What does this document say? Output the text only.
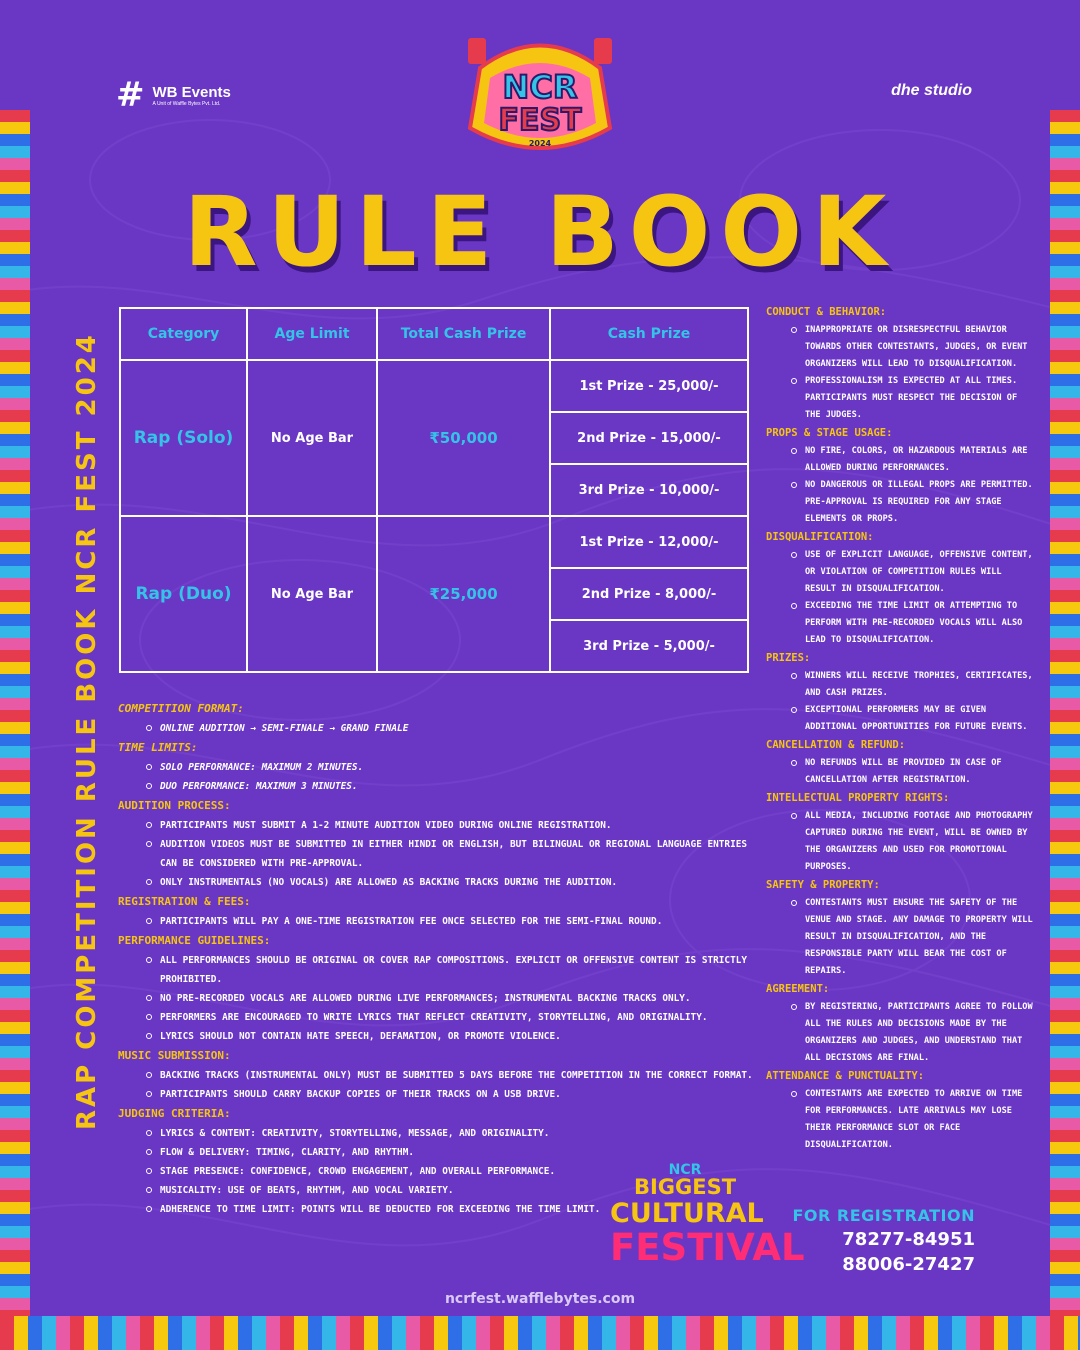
# WB Events
A Unit of Waffle Bytes Pvt. Ltd.
dhe studio
NCR
FEST
2024
RULE BOOK
RAP COMPETITION RULE BOOK NCR FEST 2024	Category	Age Limit	Total Cash Prize	Cash Prize
Rap (Solo)	No Age Bar	₹50,000	1st Prize - 25,000/-
			2nd Prize - 15,000/-
			3rd Prize - 10,000/-
Rap (Duo)	No Age Bar	₹25,000	1st Prize - 12,000/-
			2nd Prize - 8,000/-
			3rd Prize - 5,000/-
COMPETITION FORMAT:
ONLINE AUDITION → SEMI-FINALE → GRAND FINALE
TIME LIMITS:
SOLO PERFORMANCE: MAXIMUM 2 MINUTES.
DUO PERFORMANCE: MAXIMUM 3 MINUTES.
AUDITION PROCESS:
PARTICIPANTS MUST SUBMIT A 1-2 MINUTE AUDITION VIDEO DURING ONLINE REGISTRATION.
AUDITION VIDEOS MUST BE SUBMITTED IN EITHER HINDI OR ENGLISH, BUT BILINGUAL OR REGIONAL LANGUAGE ENTRIES CAN BE CONSIDERED WITH PRE-APPROVAL.
ONLY INSTRUMENTALS (NO VOCALS) ARE ALLOWED AS BACKING TRACKS DURING THE AUDITION.
REGISTRATION & FEES:
PARTICIPANTS WILL PAY A ONE-TIME REGISTRATION FEE ONCE SELECTED FOR THE SEMI-FINAL ROUND.
PERFORMANCE GUIDELINES:
ALL PERFORMANCES SHOULD BE ORIGINAL OR COVER RAP COMPOSITIONS. EXPLICIT OR OFFENSIVE CONTENT IS STRICTLY PROHIBITED.
NO PRE-RECORDED VOCALS ARE ALLOWED DURING LIVE PERFORMANCES; INSTRUMENTAL BACKING TRACKS ONLY.
PERFORMERS ARE ENCOURAGED TO WRITE LYRICS THAT REFLECT CREATIVITY, STORYTELLING, AND ORIGINALITY.
LYRICS SHOULD NOT CONTAIN HATE SPEECH, DEFAMATION, OR PROMOTE VIOLENCE.
MUSIC SUBMISSION:
BACKING TRACKS (INSTRUMENTAL ONLY) MUST BE SUBMITTED 5 DAYS BEFORE THE COMPETITION IN THE CORRECT FORMAT.
PARTICIPANTS SHOULD CARRY BACKUP COPIES OF THEIR TRACKS ON A USB DRIVE.
JUDGING CRITERIA:
LYRICS & CONTENT: CREATIVITY, STORYTELLING, MESSAGE, AND ORIGINALITY.
FLOW & DELIVERY: TIMING, CLARITY, AND RHYTHM.
STAGE PRESENCE: CONFIDENCE, CROWD ENGAGEMENT, AND OVERALL PERFORMANCE.
MUSICALITY: USE OF BEATS, RHYTHM, AND VOCAL VARIETY.
ADHERENCE TO TIME LIMIT: POINTS WILL BE DEDUCTED FOR EXCEEDING THE TIME LIMIT.
CONDUCT & BEHAVIOR:
INAPPROPRIATE OR DISRESPECTFUL BEHAVIOR TOWARDS OTHER CONTESTANTS, JUDGES, OR EVENT ORGANIZERS WILL LEAD TO DISQUALIFICATION.
PROFESSIONALISM IS EXPECTED AT ALL TIMES. PARTICIPANTS MUST RESPECT THE DECISION OF THE JUDGES.
PROPS & STAGE USAGE:
NO FIRE, COLORS, OR HAZARDOUS MATERIALS ARE ALLOWED DURING PERFORMANCES.
NO DANGEROUS OR ILLEGAL PROPS ARE PERMITTED. PRE-APPROVAL IS REQUIRED FOR ANY STAGE ELEMENTS OR PROPS.
DISQUALIFICATION:
USE OF EXPLICIT LANGUAGE, OFFENSIVE CONTENT, OR VIOLATION OF COMPETITION RULES WILL RESULT IN DISQUALIFICATION.
EXCEEDING THE TIME LIMIT OR ATTEMPTING TO PERFORM WITH PRE-RECORDED VOCALS WILL ALSO LEAD TO DISQUALIFICATION.
PRIZES:
WINNERS WILL RECEIVE TROPHIES, CERTIFICATES, AND CASH PRIZES.
EXCEPTIONAL PERFORMERS MAY BE GIVEN ADDITIONAL OPPORTUNITIES FOR FUTURE EVENTS.
CANCELLATION & REFUND:
NO REFUNDS WILL BE PROVIDED IN CASE OF CANCELLATION AFTER REGISTRATION.
INTELLECTUAL PROPERTY RIGHTS:
ALL MEDIA, INCLUDING FOOTAGE AND PHOTOGRAPHY CAPTURED DURING THE EVENT, WILL BE OWNED BY THE ORGANIZERS AND USED FOR PROMOTIONAL PURPOSES.
SAFETY & PROPERTY:
CONTESTANTS MUST ENSURE THE SAFETY OF THE VENUE AND STAGE. ANY DAMAGE TO PROPERTY WILL RESULT IN DISQUALIFICATION, AND THE RESPONSIBLE PARTY WILL BEAR THE COST OF REPAIRS.
AGREEMENT:
BY REGISTERING, PARTICIPANTS AGREE TO FOLLOW ALL THE RULES AND DECISIONS MADE BY THE ORGANIZERS AND JUDGES, AND UNDERSTAND THAT ALL DECISIONS ARE FINAL.
ATTENDANCE & PUNCTUALITY:
CONTESTANTS ARE EXPECTED TO ARRIVE ON TIME FOR PERFORMANCES. LATE ARRIVALS MAY LOSE THEIR PERFORMANCE SLOT OR FACE DISQUALIFICATION.
NCR
BIGGEST
CULTURAL
FESTIVAL
FOR REGISTRATION
78277-84951
88006-27427
ncrfest.wafflebytes.com
